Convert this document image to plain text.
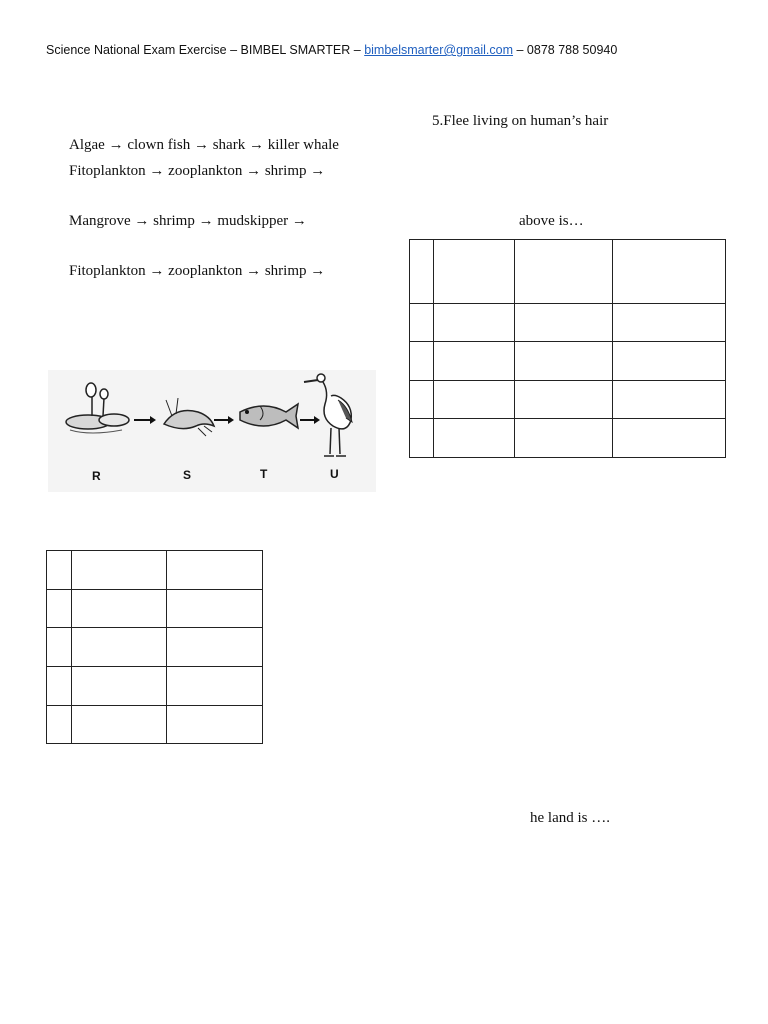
Science National Exam Exercise – BIMBEL SMARTER – bimbelsmarter@gmail.com – 0878 788 50940
Algae → clown fish → shark → killer whale
Fitoplankton → zooplankton → shrimp →
Mangrove → shrimp → mudskipper →
Fitoplankton → zooplankton → shrimp →
5.Flee living on human’s hair
above is…
he land is ….

R	S	T	U
